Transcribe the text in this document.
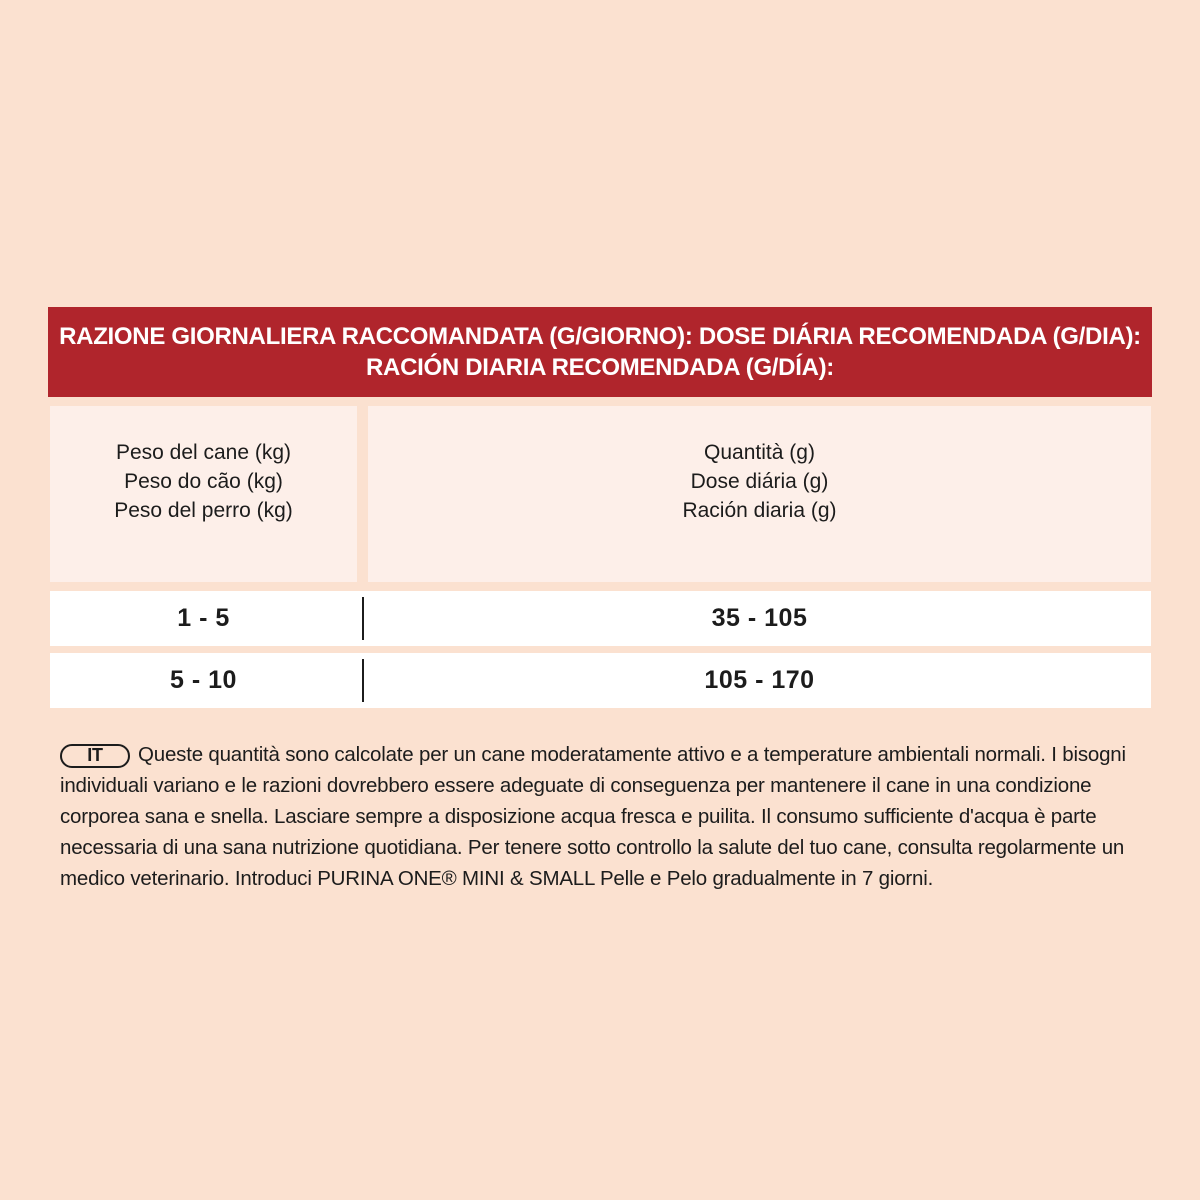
RAZIONE GIORNALIERA RACCOMANDATA (G/GIORNO): DOSE DIÁRIA RECOMENDADA (G/DIA):
RACIÓN DIARIA RECOMENDADA (G/DÍA):
Peso del cane (kg)
Peso do cão (kg)
Peso del perro (kg)
Quantità (g)
Dose diária (g)
Ración diaria (g)
1 - 5	35 - 105
5 - 10	105 - 170
IT Queste quantità sono calcolate per un cane moderatamente attivo e a temperature ambientali normali. I bisogni individuali variano e le razioni dovrebbero essere adeguate di conseguenza per mantenere il cane in una condizione corporea sana e snella. Lasciare sempre a disposizione acqua fresca e puilita. Il consumo sufficiente d'acqua è parte necessaria di una sana nutrizione quotidiana. Per tenere sotto controllo la salute del tuo cane, consulta regolarmente un medico veterinario. Introduci PURINA ONE® MINI & SMALL Pelle e Pelo gradualmente in 7 giorni.
